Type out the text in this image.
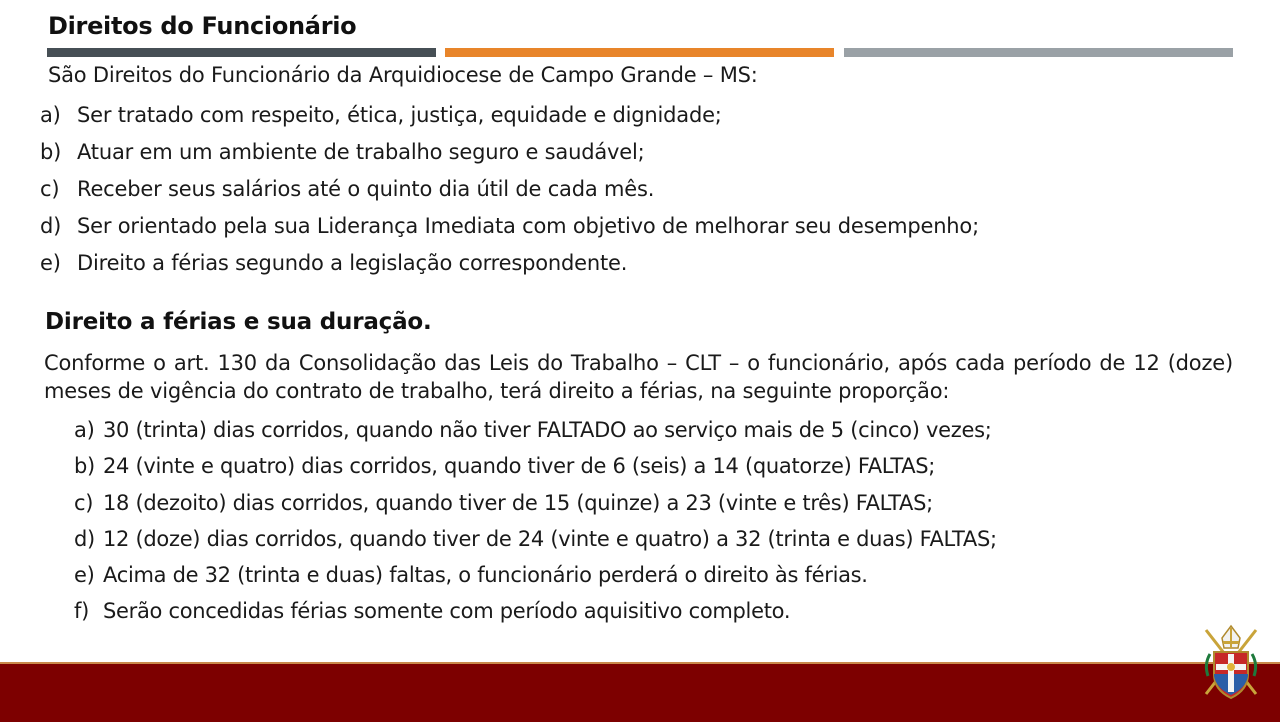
Direitos do Funcionário
São Direitos do Funcionário da Arquidiocese de Campo Grande – MS:
a) Ser tratado com respeito, ética, justiça, equidade e dignidade;
b) Atuar em um ambiente de trabalho seguro e saudável;
c) Receber seus salários até o quinto dia útil de cada mês.
d) Ser orientado pela sua Liderança Imediata com objetivo de melhorar seu desempenho;
e) Direito a férias segundo a legislação correspondente.
Direito a férias e sua duração.
Conforme o art. 130 da Consolidação das Leis do Trabalho – CLT – o funcionário, após cada período de 12 (doze) meses de vigência do contrato de trabalho, terá direito a férias, na seguinte proporção:
a) 30 (trinta) dias corridos, quando não tiver FALTADO ao serviço mais de 5 (cinco) vezes;
b) 24 (vinte e quatro) dias corridos, quando tiver de 6 (seis) a 14 (quatorze) FALTAS;
c) 18 (dezoito) dias corridos, quando tiver de 15 (quinze) a 23 (vinte e três) FALTAS;
d) 12 (doze) dias corridos, quando tiver de 24 (vinte e quatro) a 32 (trinta e duas) FALTAS;
e) Acima de 32 (trinta e duas) faltas, o funcionário perderá o direito às férias.
f) Serão concedidas férias somente com período aquisitivo completo.
